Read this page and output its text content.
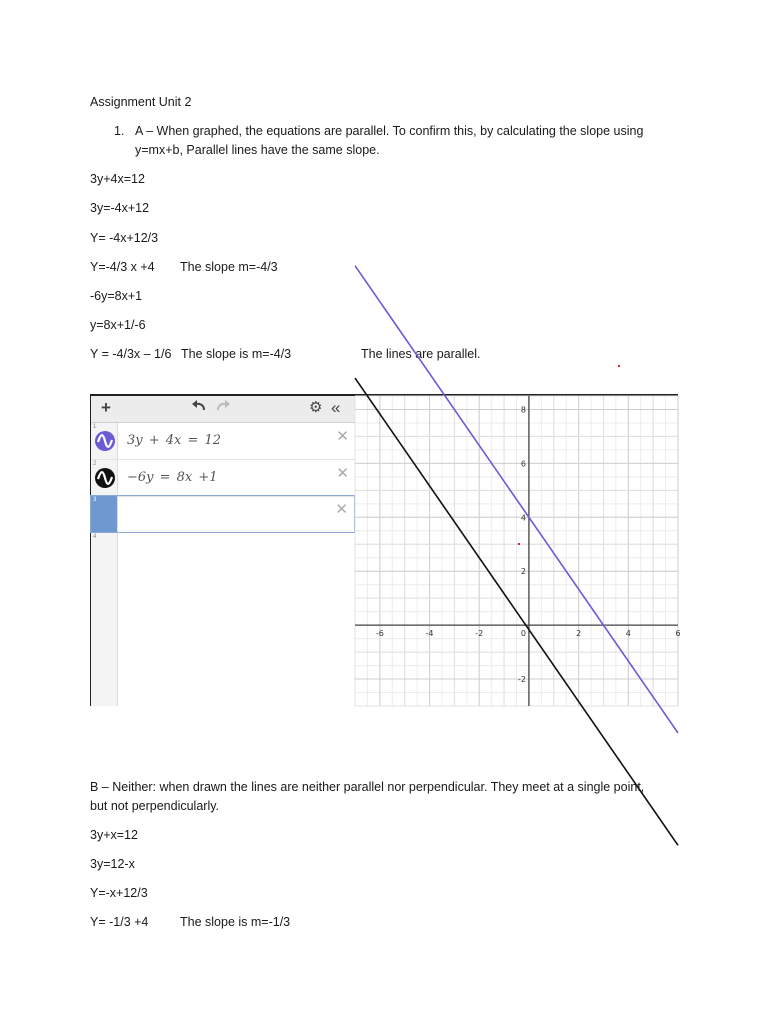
Assignment Unit 2
1. A – When graphed, the equations are parallel. To confirm this, by calculating the slope using
y=mx+b, Parallel lines have the same slope.
3y+4x=12
3y=-4x+12
Y= -4x+12/3
Y=-4/3 x +4 The slope m=-4/3
-6y=8x+1
y=8x+1/-6
Y = -4/3x – 1/6 The slope is m=-4/3	The lines are parallel.
+	⚙ «
1
3y + 4x = 12	✕
2
−6y = 8x +1	✕
3
✕
4
-6	-4	-2	0	2	4	6
-2
2
4
6
8
B – Neither: when drawn the lines are neither parallel nor perpendicular. They meet at a single point,
but not perpendicularly.
3y+x=12
3y=12-x
Y=-x+12/3
Y= -1/3 +4	The slope is m=-1/3
